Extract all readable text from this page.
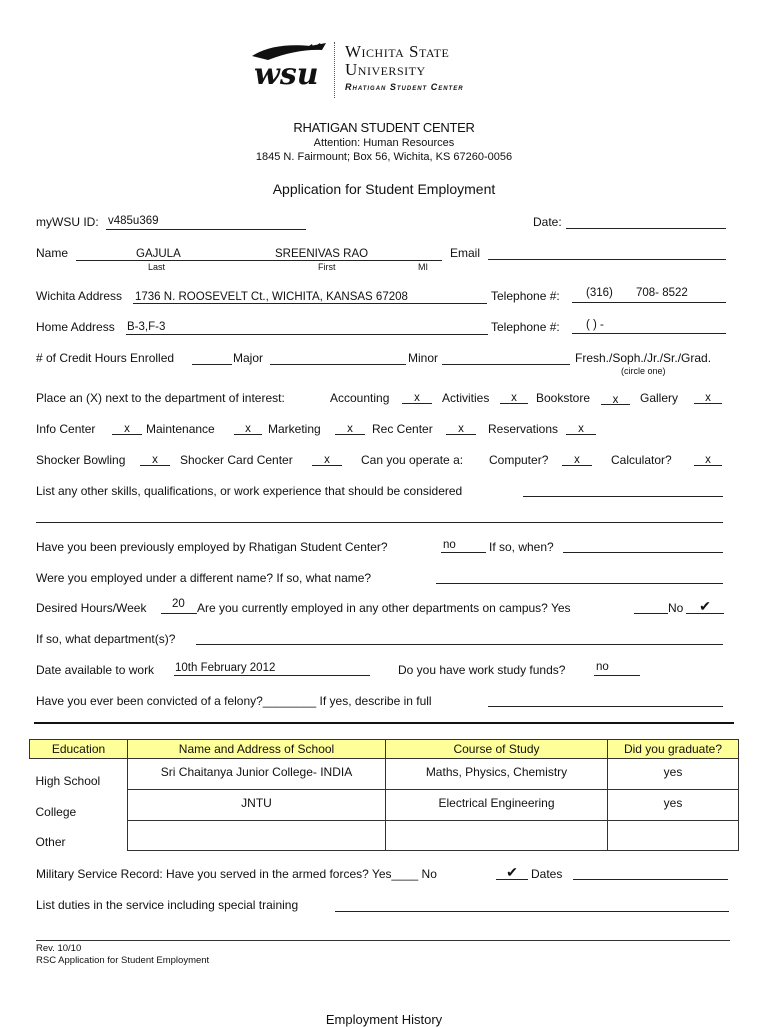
wsu
Wichita State
University
Rhatigan Student Center
RHATIGAN STUDENT CENTER
Attention: Human Resources
1845 N. Fairmount; Box 56, Wichita, KS 67260-0056
Application for Student Employment
myWSU ID: v485u369	Date:
Name	GAJULA	SREENIVAS RAO
Last	First	MI
Email
Wichita Address 1736 N. ROOSEVELT Ct., WICHITA, KANSAS 67208	Telephone #: (316) 708- 8522
Home Address B-3,F-3	Telephone #: ( ) -
# of Credit Hours Enrolled	Major	Minor	Fresh./Soph./Jr./Sr./Grad.
(circle one)
Place an (X) next to the department of interest:	Accounting	x	Activities	x	Bookstore	x	Gallery	x
Info Center	x	Maintenance	x	Marketing	x	Rec Center	x	Reservations	x
Shocker Bowling	x	Shocker Card Center	x	Can you operate a: Computer?	x	Calculator?	x
List any other skills, qualifications, or work experience that should be considered
Have you been previously employed by Rhatigan Student Center?	no	If so, when?
Were you employed under a different name? If so, what name?
Desired Hours/Week 20 Are you currently employed in any other departments on campus? Yes	No	✔
If so, what department(s)?
Date available to work 10th February 2012	Do you have work study funds?	no
Have you ever been convicted of a felony?________ If yes, describe in full
Education	Name and Address of School	Course of Study	Did you graduate?
High School	Sri Chaitanya Junior College- INDIA	Maths, Physics, Chemistry	yes
College	JNTU	Electrical Engineering	yes
Other			
Military Service Record: Have you served in the armed forces? Yes____ No	✔	Dates
List duties in the service including special training
Rev. 10/10
RSC Application for Student Employment
Employment History
